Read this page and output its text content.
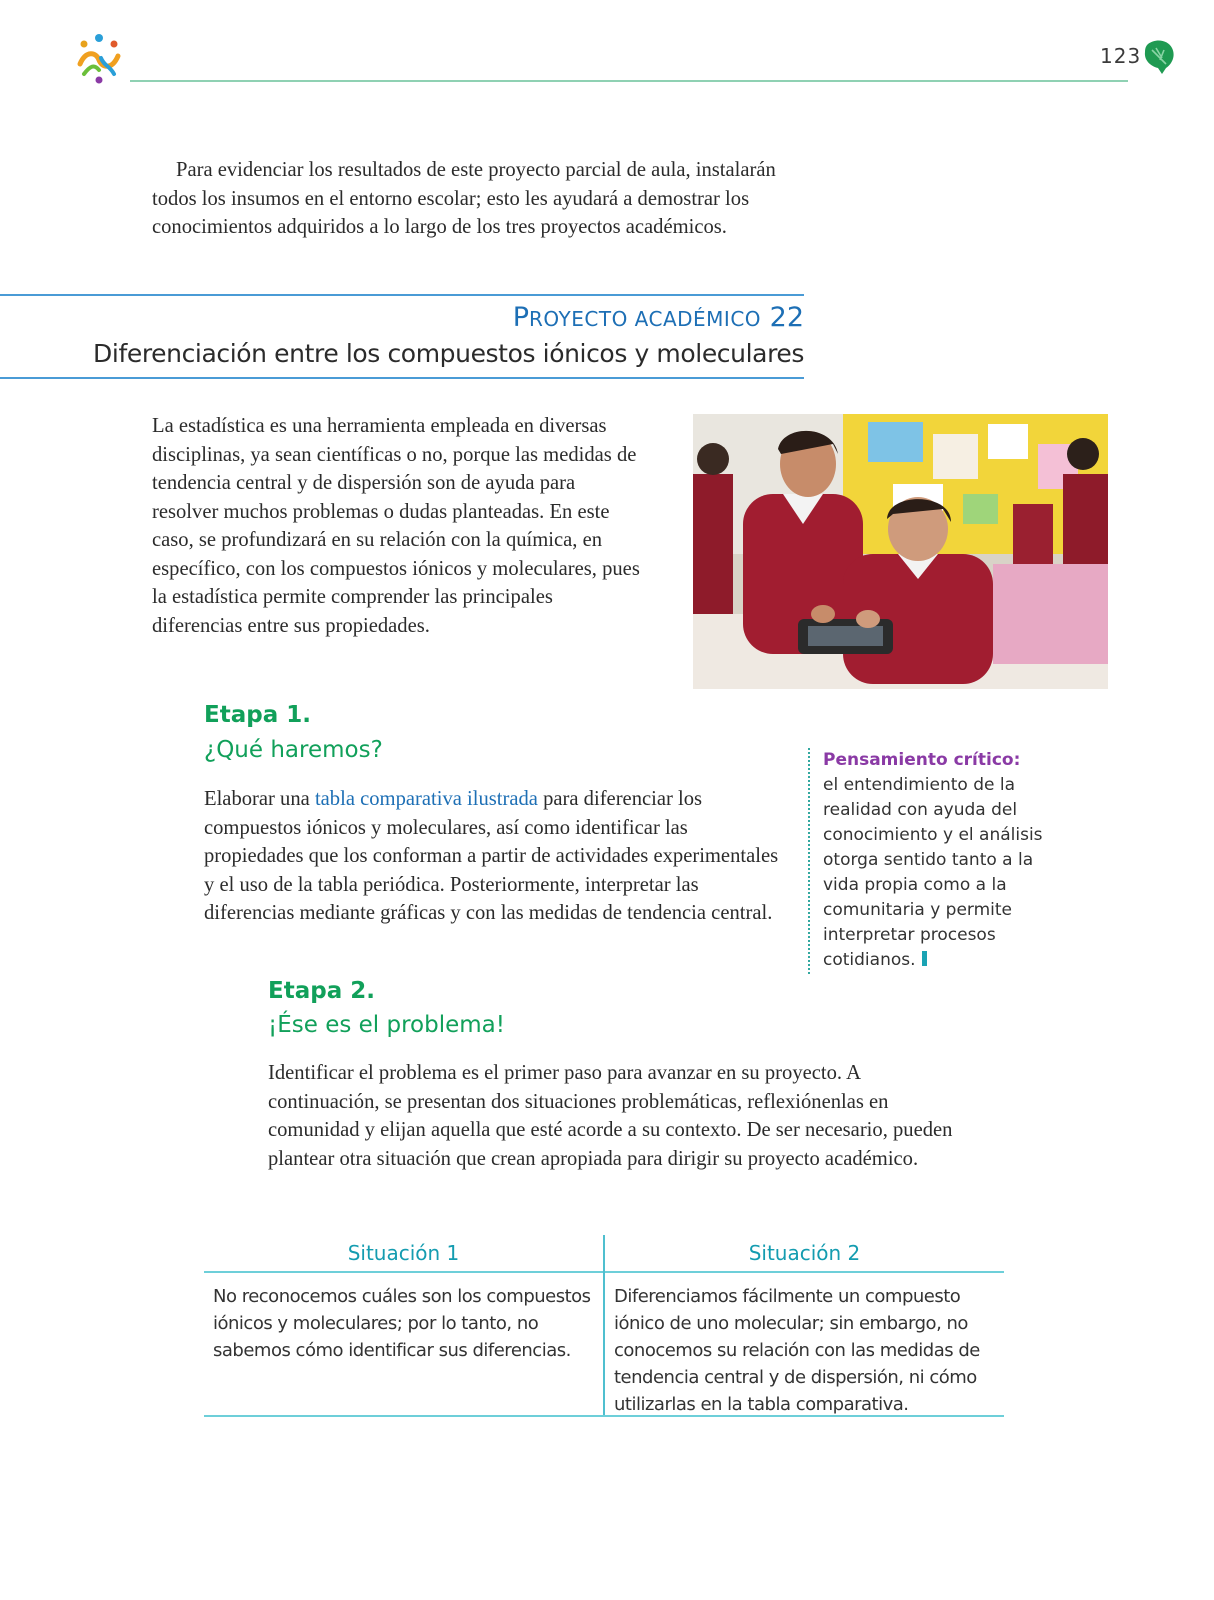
123

Para evidenciar los resultados de este proyecto parcial de aula, instalarán todos los insumos en el entorno escolar; esto les ayudará a demostrar los conocimientos adquiridos a lo largo de los tres proyectos académicos.

PROYECTO ACADÉMICO 22
Diferenciación entre los compuestos iónicos y moleculares

La estadística es una herramienta empleada en diversas disciplinas, ya sean científicas o no, porque las medidas de tendencia central y de dispersión son de ayuda para resolver muchos problemas o dudas planteadas. En este caso, se profundizará en su relación con la química, en específico, con los compuestos iónicos y moleculares, pues la estadística permite comprender las principales diferencias entre sus propiedades.

Etapa 1.
¿Qué haremos?

Elaborar una tabla comparativa ilustrada para diferenciar los compuestos iónicos y moleculares, así como identificar las propiedades que los conforman a partir de actividades experimentales y el uso de la tabla periódica. Posteriormente, interpretar las diferencias mediante gráficas y con las medidas de tendencia central.

Pensamiento crítico:
el entendimiento de la realidad con ayuda del conocimiento y el análisis otorga sentido tanto a la vida propia como a la comunitaria y permite interpretar procesos cotidianos.
Etapa 2.
¡Ése es el problema!

Identificar el problema es el primer paso para avanzar en su proyecto. A continuación, se presentan dos situaciones problemáticas, reflexiónenlas en comunidad y elijan aquella que esté acorde a su contexto. De ser necesario, pueden plantear otra situación que crean apropiada para dirigir su proyecto académico.

Situación 1
No reconocemos cuáles son los compuestos iónicos y moleculares; por lo tanto, no sabemos cómo identificar sus diferencias.
Situación 2
Diferenciamos fácilmente un compuesto iónico de uno molecular; sin embargo, no conocemos su relación con las medidas de tendencia central y de dispersión, ni cómo utilizarlas en la tabla comparativa.
